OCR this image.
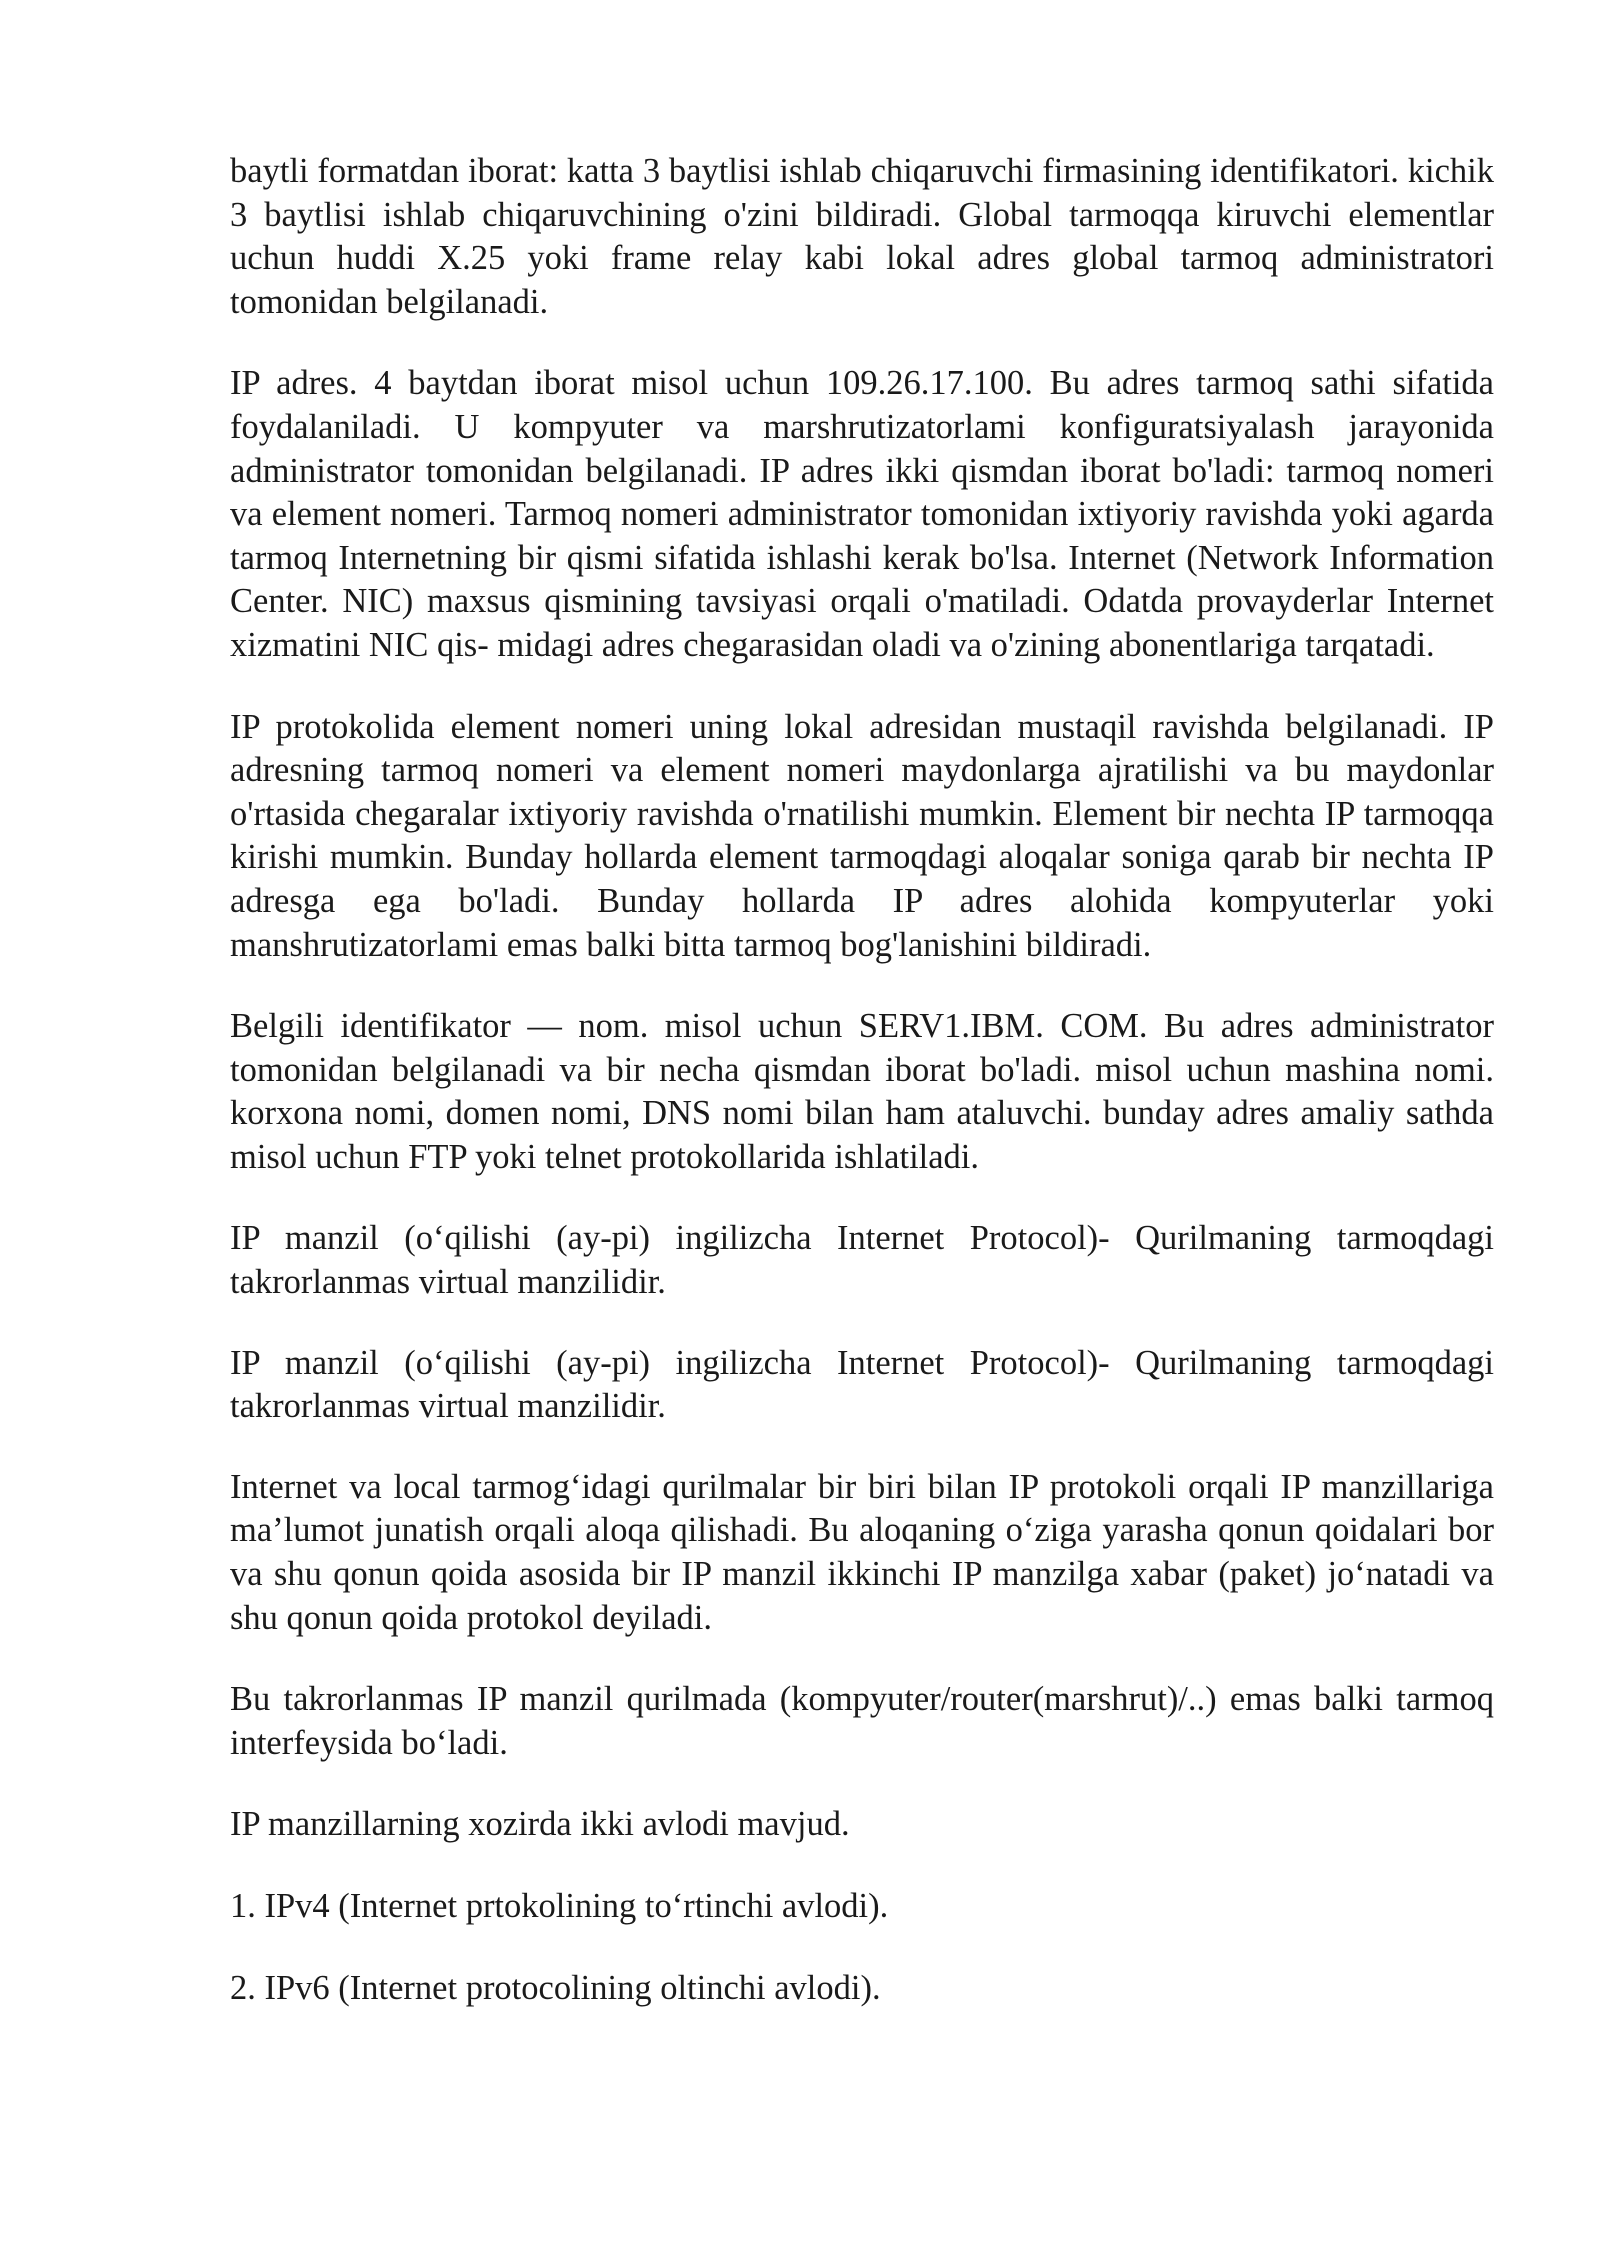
baytli formatdan iborat: katta 3 baytlisi ishlab chiqaruvchi firmasining identifikatori. kichik 3 baytlisi ishlab chiqaruvchining o'zini bildiradi. Global tarmoqqa kiruvchi elementlar uchun huddi X.25 yoki frame relay kabi lokal adres global tarmoq administratori tomonidan belgilanadi.

IP adres. 4 baytdan iborat misol uchun 109.26.17.100. Bu adres tarmoq sathi sifatida foydalaniladi. U kompyuter va marshrutizatorlami konfiguratsiyalash jarayonida administrator tomonidan belgilanadi. IP adres ikki qismdan iborat bo'ladi: tarmoq nomeri va element nomeri. Tarmoq nomeri administrator tomonidan ixtiyoriy ravishda yoki agarda tarmoq Internetning bir qismi sifatida ishlashi kerak bo'lsa. Internet (Network Information Center. NIC) maxsus qismining tavsiyasi orqali o'matiladi. Odatda provayderlar Internet xizmatini NIC qis- midagi adres chegarasidan oladi va o'zining abonentlariga tarqatadi.

IP protokolida element nomeri uning lokal adresidan mustaqil ravishda belgilanadi. IP adresning tarmoq nomeri va element nomeri maydonlarga ajratilishi va bu maydonlar o'rtasida chegaralar ixtiyoriy ravishda o'rnatilishi mumkin. Element bir nechta IP tarmoqqa kirishi mumkin. Bunday hollarda element tarmoqdagi aloqalar soniga qarab bir nechta IP adresga ega bo'ladi. Bunday hollarda IP adres alohida kompyuterlar yoki manshrutizatorlami emas balki bitta tarmoq bog'lanishini bildiradi.

Belgili identifikator — nom. misol uchun SERV1.IBM. COM. Bu adres administrator tomonidan belgilanadi va bir necha qismdan iborat bo'ladi. misol uchun mashina nomi. korxona nomi, domen nomi, DNS nomi bilan ham ataluvchi. bunday adres amaliy sathda misol uchun FTP yoki telnet protokollarida ishlatiladi.

IP manzil (o‘qilishi (ay-pi) ingilizcha Internet Protocol)- Qurilmaning tarmoqdagi takrorlanmas virtual manzilidir.

IP manzil (o‘qilishi (ay-pi) ingilizcha Internet Protocol)- Qurilmaning tarmoqdagi takrorlanmas virtual manzilidir.

Internet va local tarmog‘idagi qurilmalar bir biri bilan IP protokoli orqali IP manzillariga ma’lumot junatish orqali aloqa qilishadi. Bu aloqaning o‘ziga yarasha qonun qoidalari bor va shu qonun qoida asosida bir IP manzil ikkinchi IP manzilga xabar (paket) jo‘natadi va shu qonun qoida protokol deyiladi.

Bu takrorlanmas IP manzil qurilmada (kompyuter/router(marshrut)/..) emas balki tarmoq interfeysida bo‘ladi.

IP manzillarning xozirda ikki avlodi mavjud.

1. IPv4 (Internet prtokolining to‘rtinchi avlodi).

2. IPv6 (Internet protocolining oltinchi avlodi).
